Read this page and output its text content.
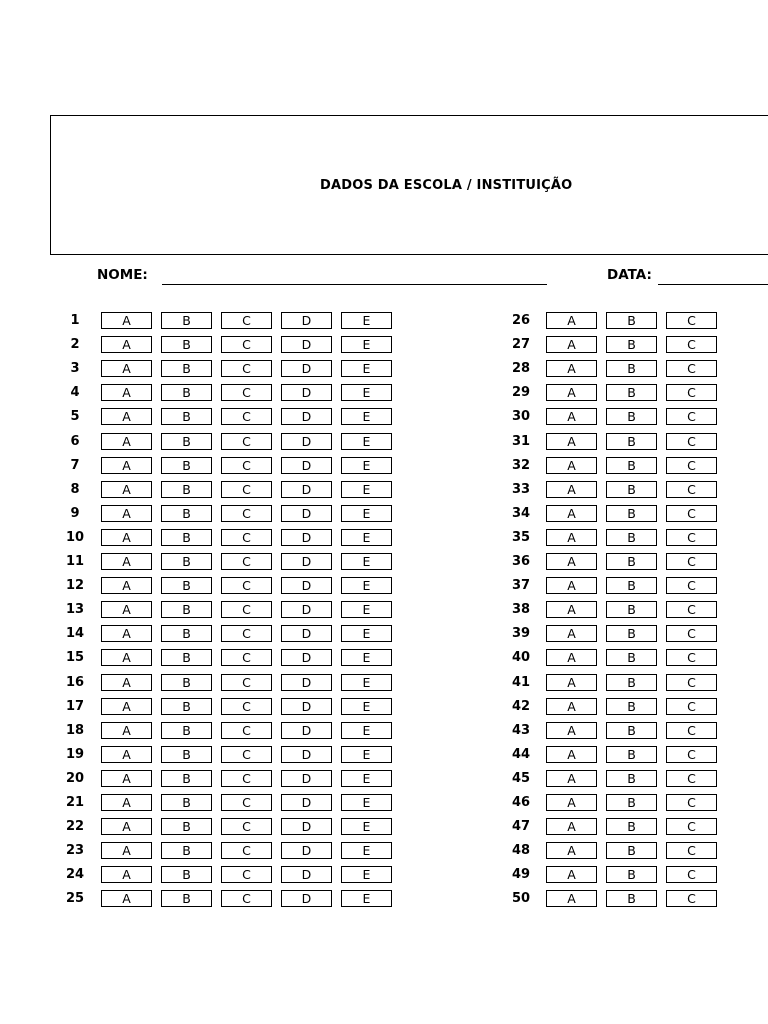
DADOS DA ESCOLA / INSTITUIÇÃO
NOME:	DATA:
1	A	B	C	D	E
2	A	B	C	D	E
3	A	B	C	D	E
4	A	B	C	D	E
5	A	B	C	D	E
6	A	B	C	D	E
7	A	B	C	D	E
8	A	B	C	D	E
9	A	B	C	D	E
10	A	B	C	D	E
11	A	B	C	D	E
12	A	B	C	D	E
13	A	B	C	D	E
14	A	B	C	D	E
15	A	B	C	D	E
16	A	B	C	D	E
17	A	B	C	D	E
18	A	B	C	D	E
19	A	B	C	D	E
20	A	B	C	D	E
21	A	B	C	D	E
22	A	B	C	D	E
23	A	B	C	D	E
24	A	B	C	D	E
25	A	B	C	D	E
26	A	B	C
27	A	B	C
28	A	B	C
29	A	B	C
30	A	B	C
31	A	B	C
32	A	B	C
33	A	B	C
34	A	B	C
35	A	B	C
36	A	B	C
37	A	B	C
38	A	B	C
39	A	B	C
40	A	B	C
41	A	B	C
42	A	B	C
43	A	B	C
44	A	B	C
45	A	B	C
46	A	B	C
47	A	B	C
48	A	B	C
49	A	B	C
50	A	B	C
